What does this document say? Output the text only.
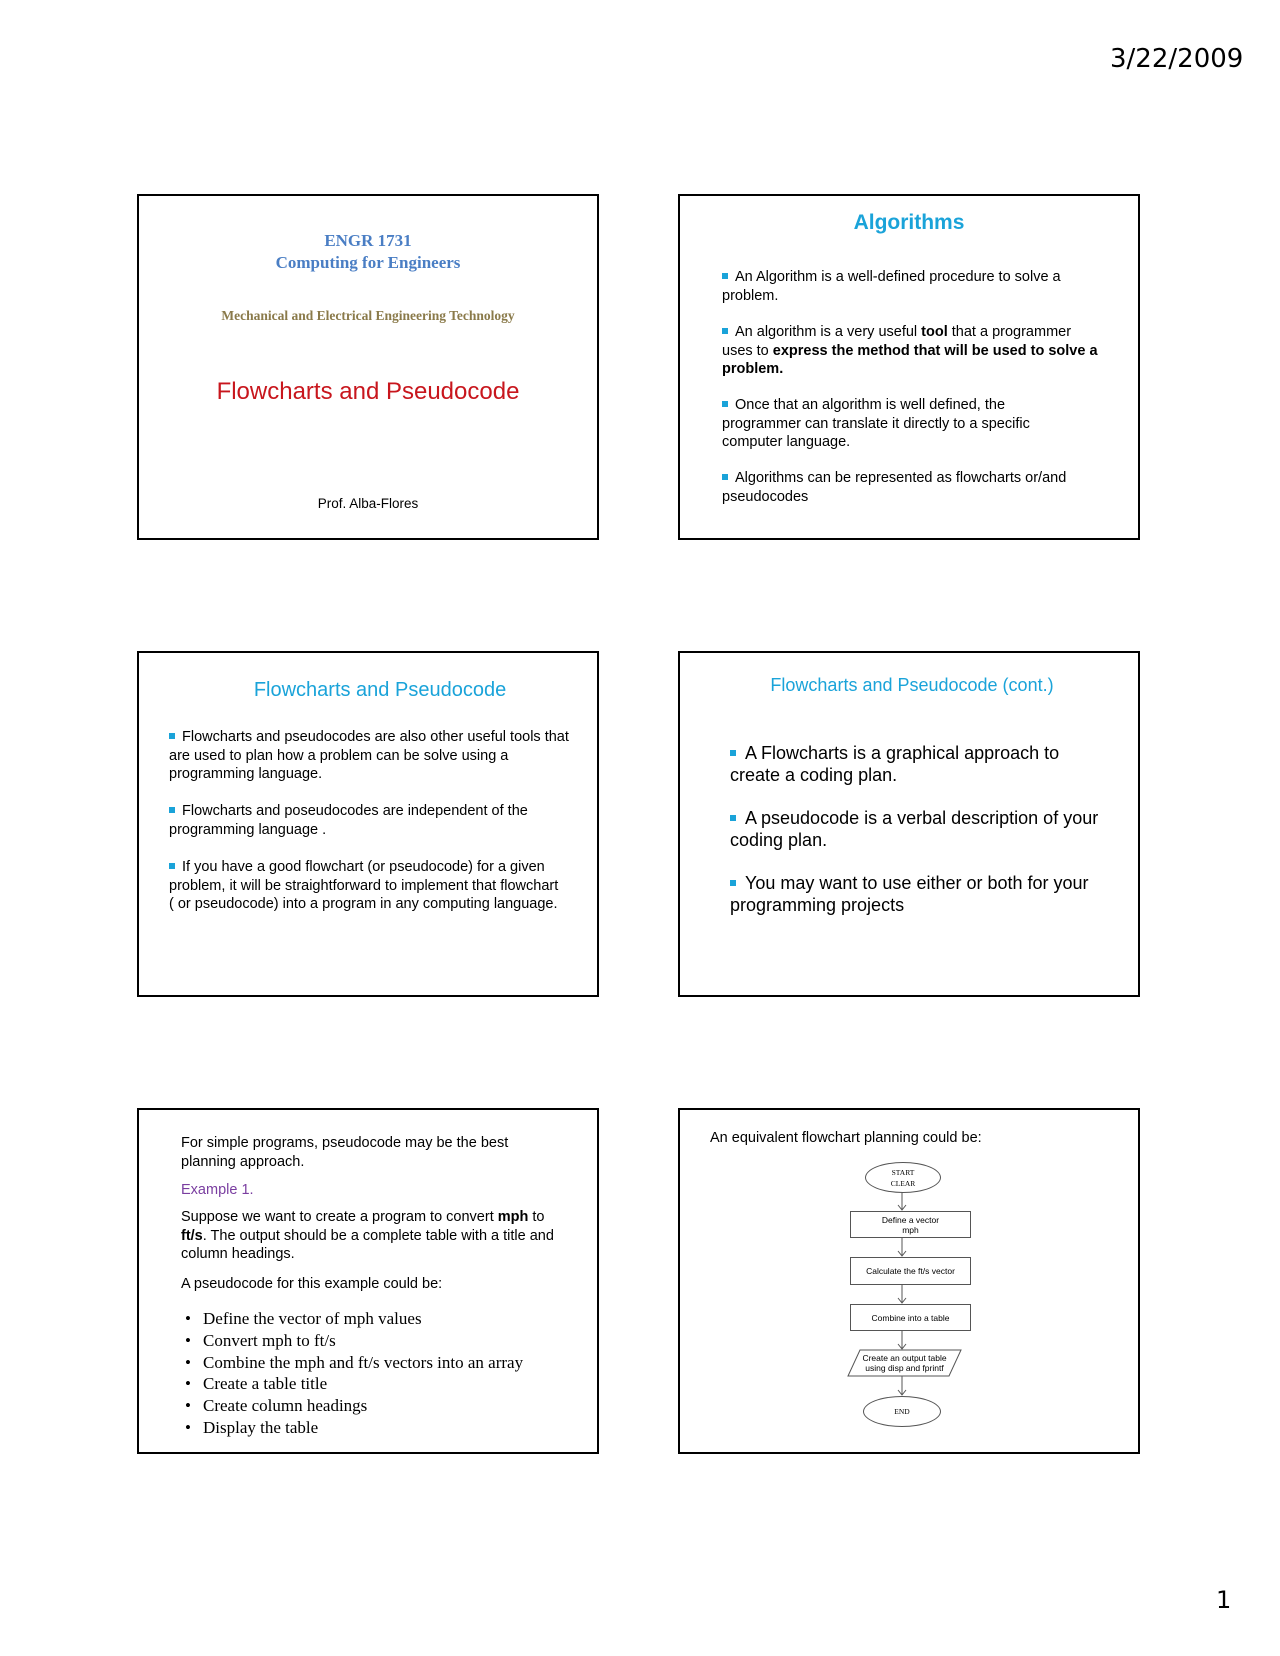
3/22/2009
ENGR 1731
Computing for Engineers
Mechanical and Electrical Engineering Technology
Flowcharts and Pseudocode
Prof. Alba-Flores
Algorithms
An Algorithm is a well-defined procedure to solve a problem.
An algorithm is a very useful tool that a programmer uses to express the method that will be used to solve a problem.
Once that an algorithm is well defined, the programmer can translate it directly to a specific computer language.
Algorithms can be represented as flowcharts or/and pseudocodes
Flowcharts and Pseudocode
Flowcharts and pseudocodes are also other useful tools that are used to plan how a problem can be solve using a programming language.
Flowcharts and poseudocodes are independent of the programming language .
If you have a good flowchart (or pseudocode) for a given problem, it will be straightforward to implement that flowchart ( or pseudocode) into a program in any computing language.
Flowcharts and Pseudocode (cont.)
A Flowcharts is a graphical approach to create a coding plan.
A pseudocode is a verbal description of your coding plan.
You may want to use either or both for your programming projects
For simple programs, pseudocode may be the best planning approach.
Example 1.
Suppose we want to create a program to convert mph to ft/s. The output should be a complete table with a title and column headings.
A pseudocode for this example could be:
• Define the vector of mph values
• Convert mph to ft/s
• Combine the mph and ft/s vectors into an array
• Create a table title
• Create column headings
• Display the table
An equivalent flowchart planning could be:
START
CLEAR
Define a vector
mph
Calculate the ft/s vector
Combine into a table
Create an output table
using disp and fprintf
END
1
